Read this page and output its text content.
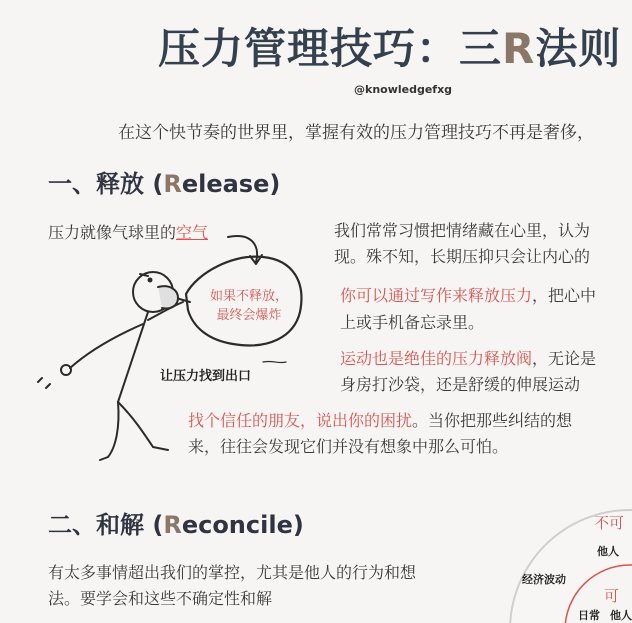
压力管理技巧：三R法则
@knowledgefxg
在这个快节奏的世界里，掌握有效的压力管理技巧不再是奢侈，
一、释放 (Release)
压力就像气球里的空气
如果不释放，
最终会爆炸
让压力找到出口
我们常常习惯把情绪藏在心里，认为
现。殊不知，长期压抑只会让内心的
你可以通过写作来释放压力，把心中
上或手机备忘录里。
运动也是绝佳的压力释放阀，无论是
身房打沙袋，还是舒缓的伸展运动
找个信任的朋友，说出你的困扰。当你把那些纠结的想
来，往往会发现它们并没有想象中那么可怕。
二、和解 (Reconcile)
有太多事情超出我们的掌控，尤其是他人的行为和想
法。要学会和这些不确定性和解
不可
他人
经济波动
可
日常 他人
